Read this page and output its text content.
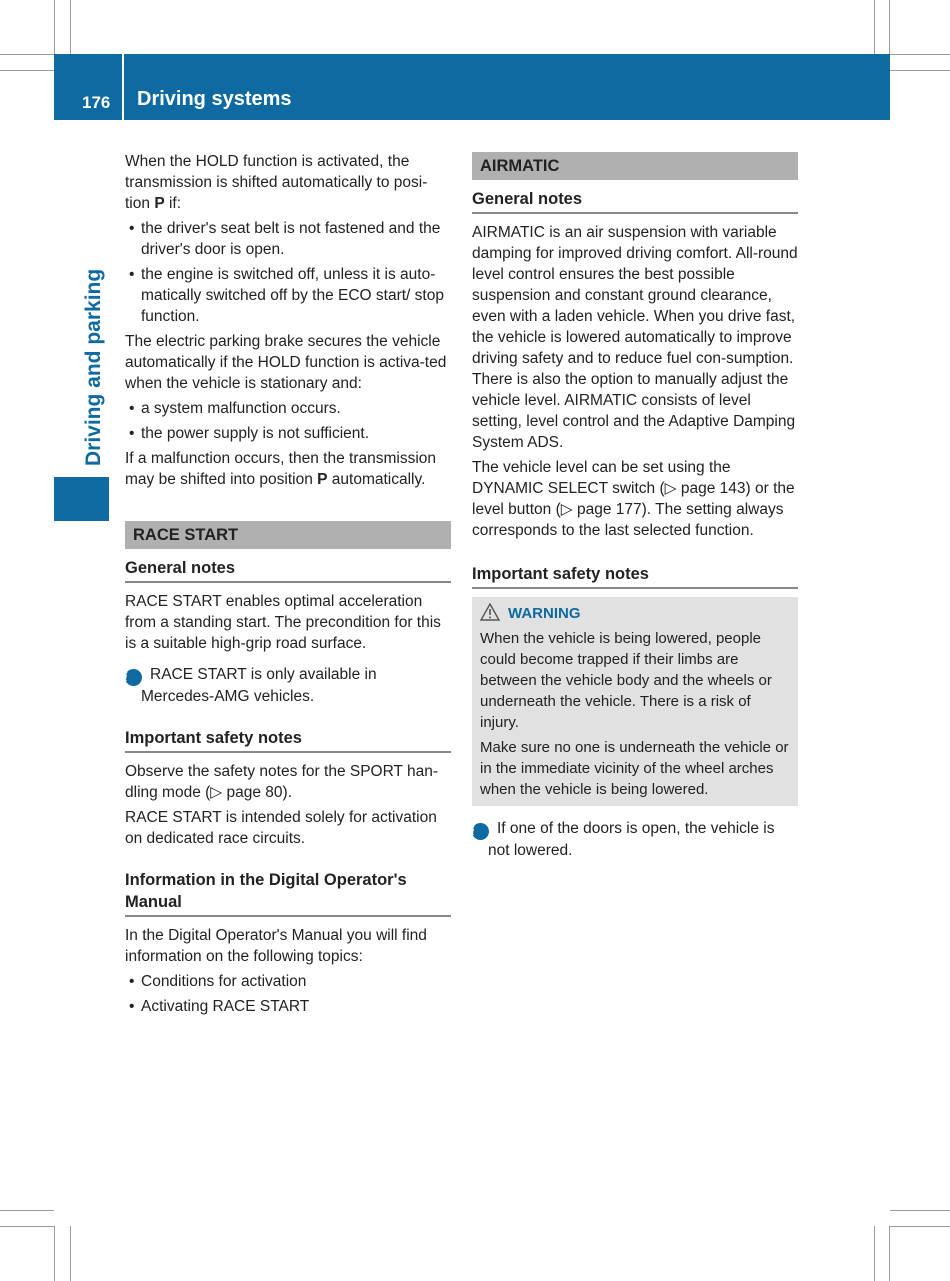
176 Driving systems
Driving and parking

When the HOLD function is activated, the transmission is shifted automatically to posi-tion P if:

• the driver's seat belt is not fastened and the driver's door is open.
• the engine is switched off, unless it is auto-matically switched off by the ECO start/ stop function.

The electric parking brake secures the vehicle automatically if the HOLD function is activa-ted when the vehicle is stationary and:

• a system malfunction occurs.
• the power supply is not sufficient.

If a malfunction occurs, then the transmission may be shifted into position P automatically.

RACE START
General notes

RACE START enables optimal acceleration from a standing start. The precondition for this is a suitable high-grip road surface.

i RACE START is only available in Mercedes-AMG vehicles.

Important safety notes

Observe the safety notes for the SPORT han-dling mode (▷ page 80).

RACE START is intended solely for activation on dedicated race circuits.

Information in the Digital Operator's Manual

In the Digital Operator's Manual you will find information on the following topics:

• Conditions for activation
• Activating RACE START
AIRMATIC
General notes

AIRMATIC is an air suspension with variable damping for improved driving comfort. All-round level control ensures the best possible suspension and constant ground clearance, even with a laden vehicle. When you drive fast, the vehicle is lowered automatically to improve driving safety and to reduce fuel con-sumption. There is also the option to manually adjust the vehicle level. AIRMATIC consists of level setting, level control and the Adaptive Damping System ADS.

The vehicle level can be set using the DYNAMIC SELECT switch (▷ page 143) or the level button (▷ page 177). The setting always corresponds to the last selected function.

Important safety notes
WARNING

When the vehicle is being lowered, people could become trapped if their limbs are between the vehicle body and the wheels or underneath the vehicle. There is a risk of injury.

Make sure no one is underneath the vehicle or in the immediate vicinity of the wheel arches when the vehicle is being lowered.

i If one of the doors is open, the vehicle is not lowered.
